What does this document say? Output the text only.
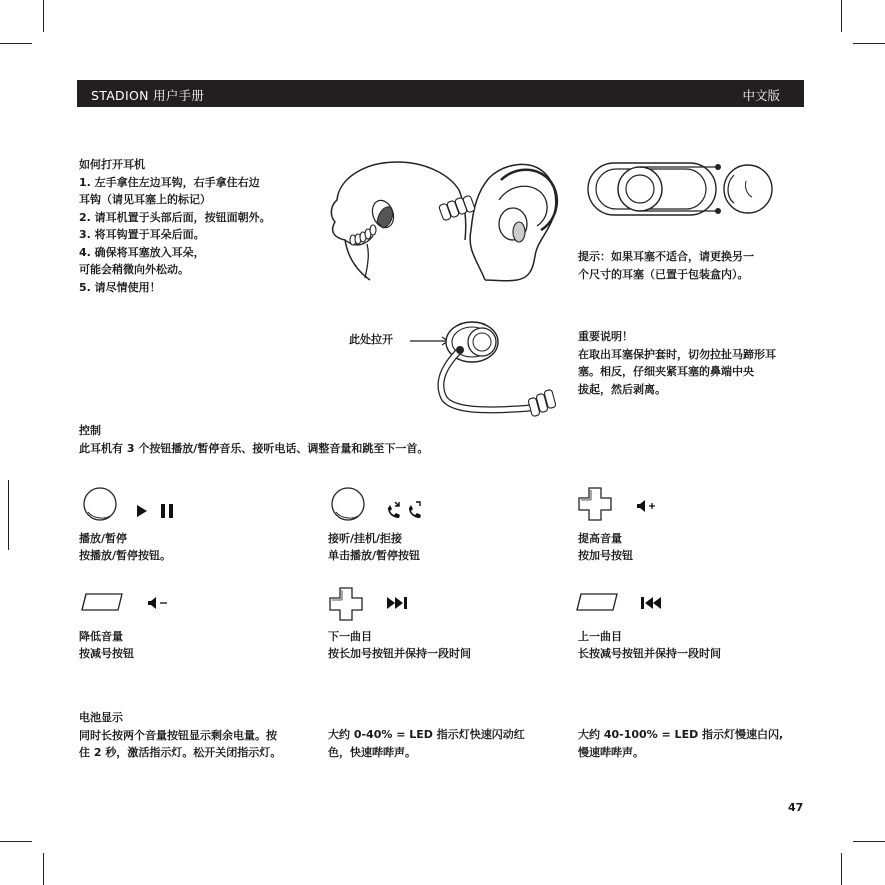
STADION 用户手册	中文版
如何打开耳机
1. 左手拿住左边耳钩，右手拿住右边
耳钩（请见耳塞上的标记）
2. 请耳机置于头部后面，按钮面朝外。
3. 将耳钩置于耳朵后面。
4. 确保将耳塞放入耳朵，
可能会稍微向外松动。
5. 请尽情使用！
提示：如果耳塞不适合，请更换另一
个尺寸的耳塞（已置于包装盒内）。
此处拉开	重要说明！
在取出耳塞保护套时，切勿拉扯马蹄形耳
塞。相反，仔细夹紧耳塞的鼻端中央
拔起，然后剥离。
控制
此耳机有 3 个按钮播放/暂停音乐、接听电话、调整音量和跳至下一首。
播放/暂停
按播放/暂停按钮。
接听/挂机/拒接
单击播放/暂停按钮
提高音量
按加号按钮
降低音量
按减号按钮
下一曲目
按长加号按钮并保持一段时间
上一曲目
长按减号按钮并保持一段时间
电池显示
同时长按两个音量按钮显示剩余电量。按
住 2 秒，激活指示灯。松开关闭指示灯。
大约 0-40% = LED 指示灯快速闪动红
色，快速哔哔声。
大约 40-100% = LED 指示灯慢速白闪,
慢速哔哔声。
47
